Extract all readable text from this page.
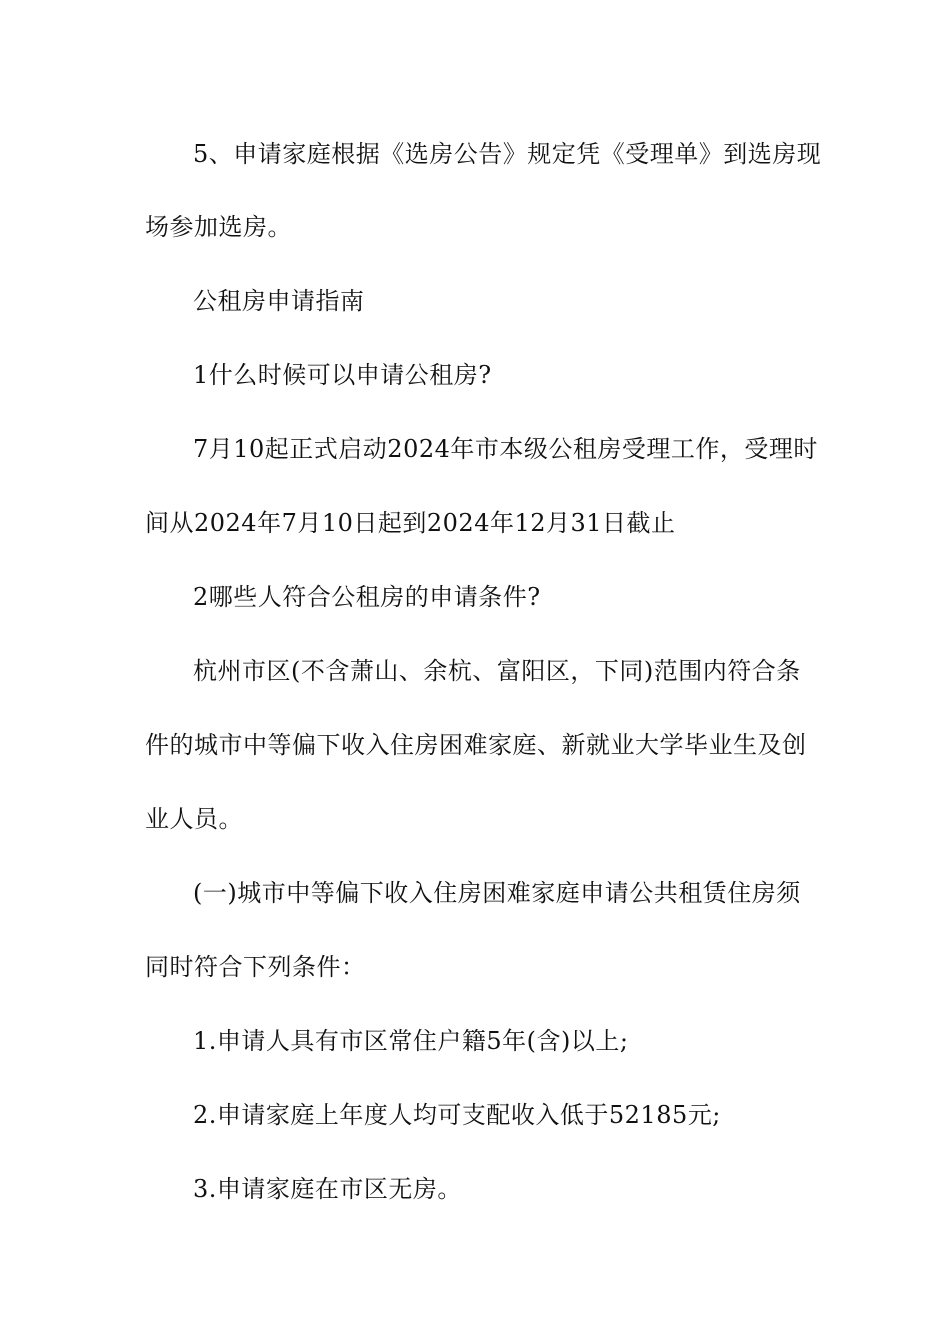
5、申请家庭根据《选房公告》规定凭《受理单》到选房现
场参加选房。
公租房申请指南
1什么时候可以申请公租房?
7月10起正式启动2024年市本级公租房受理工作，受理时
间从2024年7月10日起到2024年12月31日截止
2哪些人符合公租房的申请条件?
杭州市区(不含萧山、余杭、富阳区，下同)范围内符合条
件的城市中等偏下收入住房困难家庭、新就业大学毕业生及创
业人员。
(一)城市中等偏下收入住房困难家庭申请公共租赁住房须
同时符合下列条件：
1.申请人具有市区常住户籍5年(含)以上;
2.申请家庭上年度人均可支配收入低于52185元;
3.申请家庭在市区无房。
